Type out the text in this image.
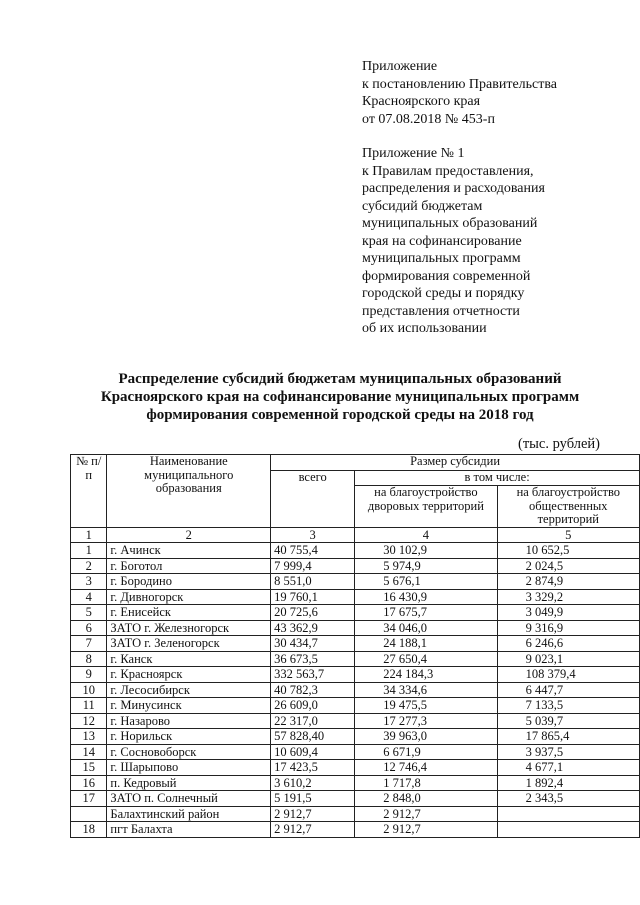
Приложение

к постановлению Правительства

Красноярского края

от 07.08.2018 № 453-п

Приложение № 1

к Правилам предоставления,

распределения и расходования

субсидий бюджетам

муниципальных образований

края на софинансирование

муниципальных программ

формирования современной

городской среды и порядку

представления отчетности

об их использовании

Распределение субсидий бюджетам муниципальных образований

Красноярского края на софинансирование муниципальных программ

формирования современной городской среды на 2018 год

(тыс. рублей)
№ п/п	Наименование муниципального образования	Размер субсидии		
		всего	в том числе:	
			на благоустройство дворовых территорий	на благоустройство общественных территорий
1	2	3	4	5
1	г. Ачинск	40 755,4	30 102,9	10 652,5
2	г. Боготол	7 999,4	5 974,9	2 024,5
3	г. Бородино	8 551,0	5 676,1	2 874,9
4	г. Дивногорск	19 760,1	16 430,9	3 329,2
5	г. Енисейск	20 725,6	17 675,7	3 049,9
6	ЗАТО г. Железногорск	43 362,9	34 046,0	9 316,9
7	ЗАТО г. Зеленогорск	30 434,7	24 188,1	6 246,6
8	г. Канск	36 673,5	27 650,4	9 023,1
9	г. Красноярск	332 563,7	224 184,3	108 379,4
10	г. Лесосибирск	40 782,3	34 334,6	6 447,7
11	г. Минусинск	26 609,0	19 475,5	7 133,5
12	г. Назарово	22 317,0	17 277,3	5 039,7
13	г. Норильск	57 828,40	39 963,0	17 865,4
14	г. Сосновоборск	10 609,4	6 671,9	3 937,5
15	г. Шарыпово	17 423,5	12 746,4	4 677,1
16	п. Кедровый	3 610,2	1 717,8	1 892,4
17	ЗАТО п. Солнечный	5 191,5	2 848,0	2 343,5
	Балахтинский район	2 912,7	2 912,7	
18	пгт Балахта	2 912,7	2 912,7	
